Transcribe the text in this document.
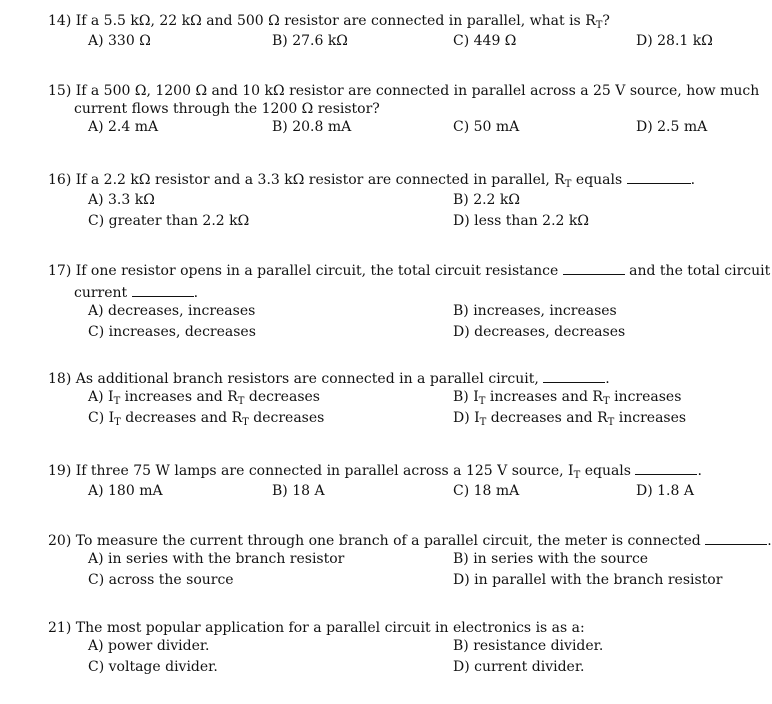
14) If a 5.5 kΩ, 22 kΩ and 500 Ω resistor are connected in parallel, what is $R_T$?
A) 330 Ω	B) 27.6 kΩ	C) 449 Ω	D) 28.1 kΩ
15) If a 500 Ω, 1200 Ω and 10 kΩ resistor are connected in parallel across a 25 V source, how much
current flows through the 1200 Ω resistor?
A) 2.4 mA	B) 20.8 mA	C) 50 mA	D) 2.5 mA
16) If a 2.2 kΩ resistor and a 3.3 kΩ resistor are connected in parallel, $R_T$ equals	.
A) 3.3 kΩ	B) 2.2 kΩ
C) greater than 2.2 kΩ	D) less than 2.2 kΩ
17) If one resistor opens in a parallel circuit, the total circuit resistance	and the total circuit
current	.
A) decreases, increases	B) increases, increases
C) increases, decreases	D) decreases, decreases
18) As additional branch resistors are connected in a parallel circuit,	.
A) $I_T$ increases and $R_T$ decreases	B) $I_T$ increases and $R_T$ increases
C) $I_T$ decreases and $R_T$ decreases	D) $I_T$ decreases and $R_T$ increases
19) If three 75 W lamps are connected in parallel across a 125 V source, $I_T$ equals	.
A) 180 mA	B) 18 A	C) 18 mA	D) 1.8 A
20) To measure the current through one branch of a parallel circuit, the meter is connected	.
A) in series with the branch resistor	B) in series with the source
C) across the source	D) in parallel with the branch resistor
21) The most popular application for a parallel circuit in electronics is as a:
A) power divider.	B) resistance divider.
C) voltage divider.	D) current divider.
